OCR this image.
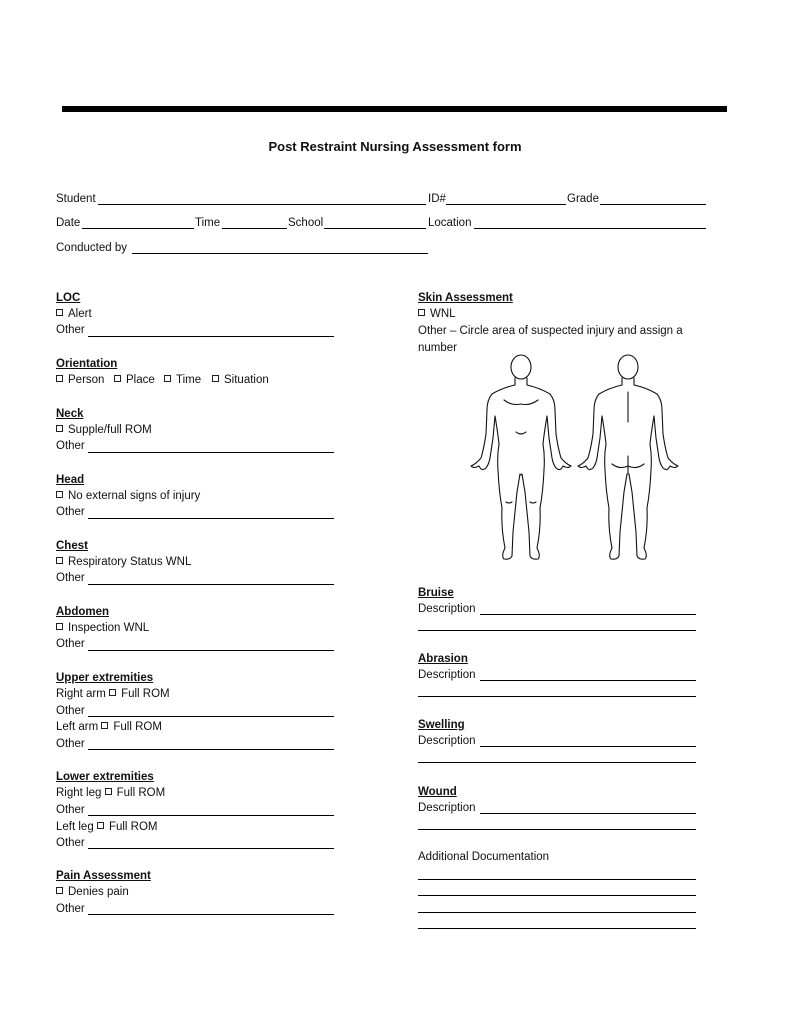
Post Restraint Nursing Assessment form
Student	ID#	Grade
Date	Time	School	Location
Conducted by
LOC
Alert
Other
Orientation
Person	Place	Time	Situation
Neck
Supple/full ROM
Other
Head
No external signs of injury
Other
Chest
Respiratory Status WNL
Other
Abdomen
Inspection WNL
Other
Upper extremities
Right arm Full ROM
Other
Left arm Full ROM
Other
Lower extremities
Right leg Full ROM
Other
Left leg Full ROM
Other
Pain Assessment
Denies pain
Other
Skin Assessment
WNL
Other – Circle area of suspected injury and assign a number
Bruise
Description
Abrasion
Description
Swelling
Description
Wound
Description
Additional Documentation
